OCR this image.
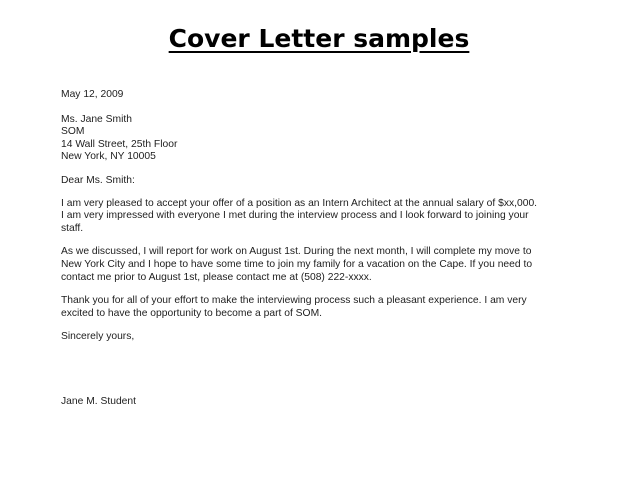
Cover Letter samples
May 12, 2009
Ms. Jane Smith
SOM
14 Wall Street, 25th Floor
New York, NY 10005
Dear Ms. Smith:
I am very pleased to accept your offer of a position as an Intern Architect at the annual salary of $xx,000.
I am very impressed with everyone I met during the interview process and I look forward to joining your
staff.
As we discussed, I will report for work on August 1st. During the next month, I will complete my move to
New York City and I hope to have some time to join my family for a vacation on the Cape. If you need to
contact me prior to August 1st, please contact me at (508) 222-xxxx.
Thank you for all of your effort to make the interviewing process such a pleasant experience. I am very
excited to have the opportunity to become a part of SOM.
Sincerely yours,
Jane M. Student
